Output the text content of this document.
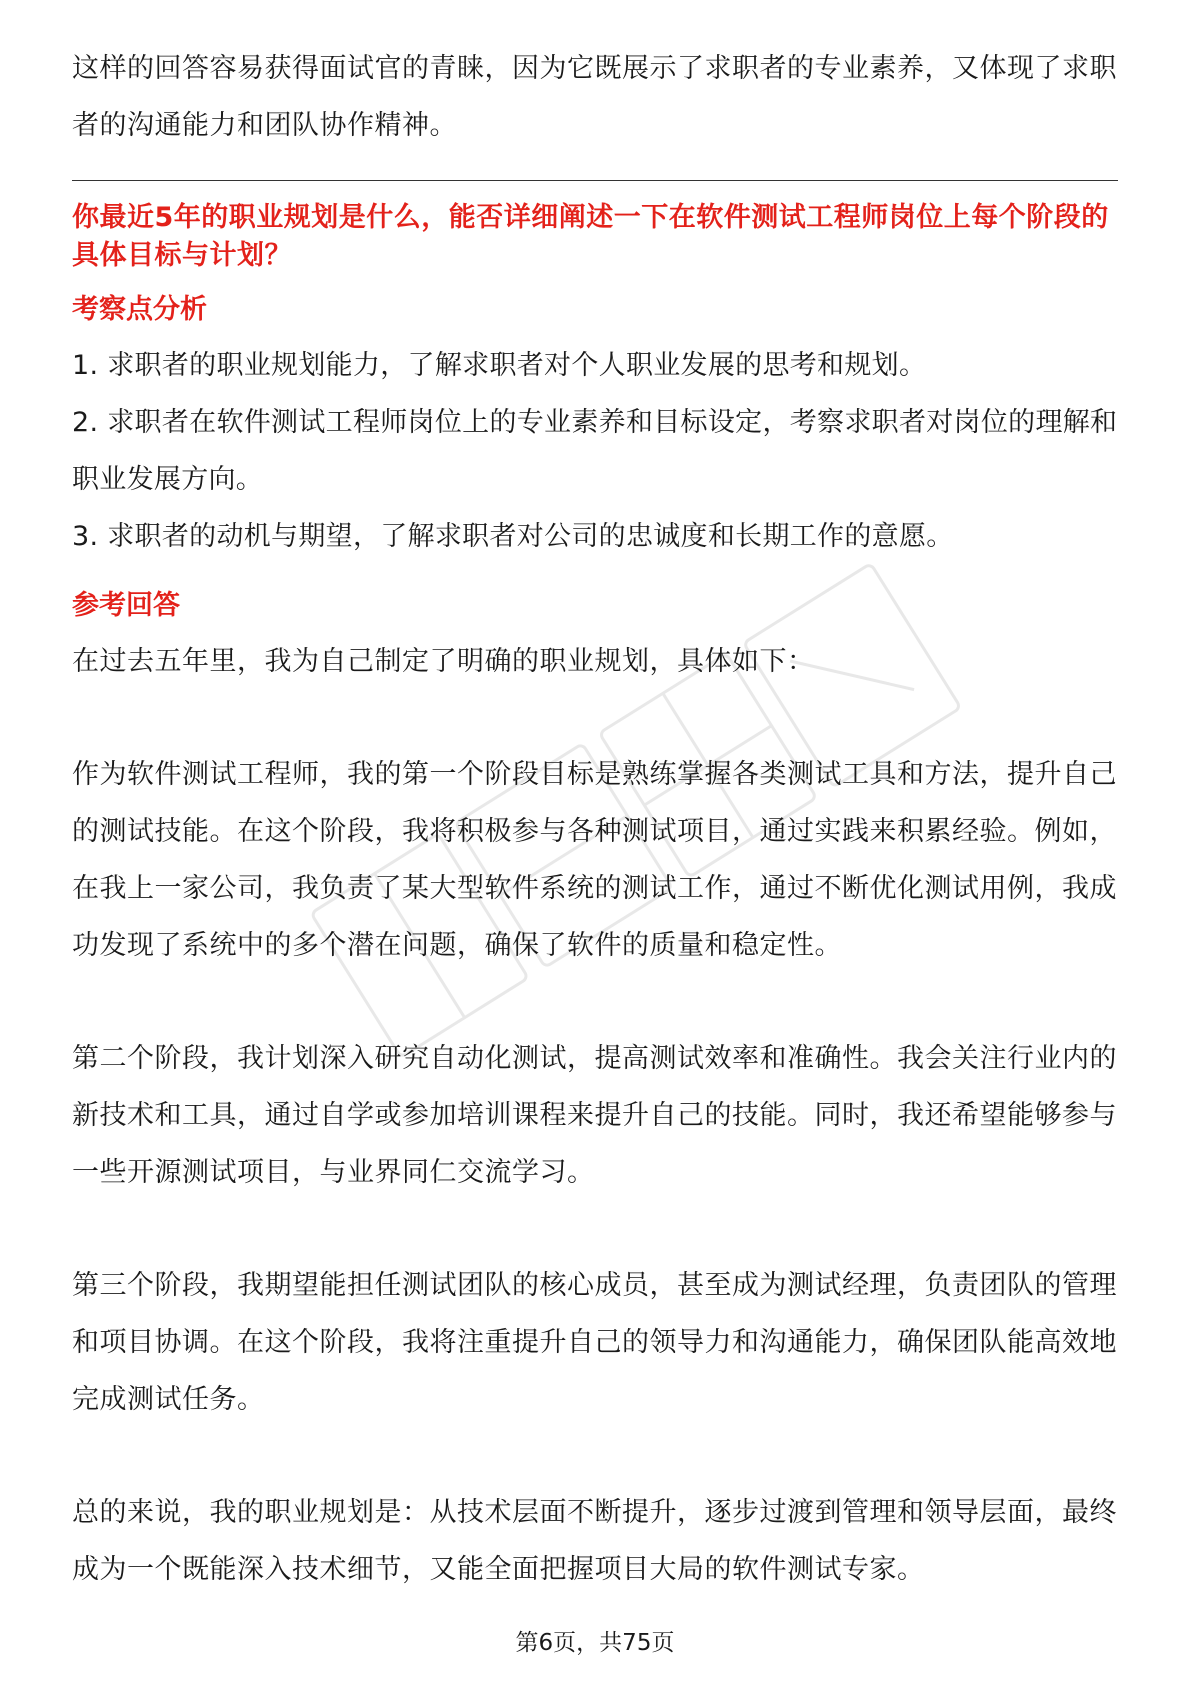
这样的回答容易获得面试官的青睐，因为它既展示了求职者的专业素养，又体现了求职者的沟通能力和团队协作精神。

你最近5年的职业规划是什么，能否详细阐述一下在软件测试工程师岗位上每个阶段的具体目标与计划？

考察点分析

1. 求职者的职业规划能力，了解求职者对个人职业发展的思考和规划。

2. 求职者在软件测试工程师岗位上的专业素养和目标设定，考察求职者对岗位的理解和职业发展方向。

3. 求职者的动机与期望，了解求职者对公司的忠诚度和长期工作的意愿。

参考回答

在过去五年里，我为自己制定了明确的职业规划，具体如下：

作为软件测试工程师，我的第一个阶段目标是熟练掌握各类测试工具和方法，提升自己的测试技能。在这个阶段，我将积极参与各种测试项目，通过实践来积累经验。例如，在我上一家公司，我负责了某大型软件系统的测试工作，通过不断优化测试用例，我成功发现了系统中的多个潜在问题，确保了软件的质量和稳定性。

第二个阶段，我计划深入研究自动化测试，提高测试效率和准确性。我会关注行业内的新技术和工具，通过自学或参加培训课程来提升自己的技能。同时，我还希望能够参与一些开源测试项目，与业界同仁交流学习。

第三个阶段，我期望能担任测试团队的核心成员，甚至成为测试经理，负责团队的管理和项目协调。在这个阶段，我将注重提升自己的领导力和沟通能力，确保团队能高效地完成测试任务。

总的来说，我的职业规划是：从技术层面不断提升，逐步过渡到管理和领导层面，最终成为一个既能深入技术细节，又能全面把握项目大局的软件测试专家。

第6页，共75页
